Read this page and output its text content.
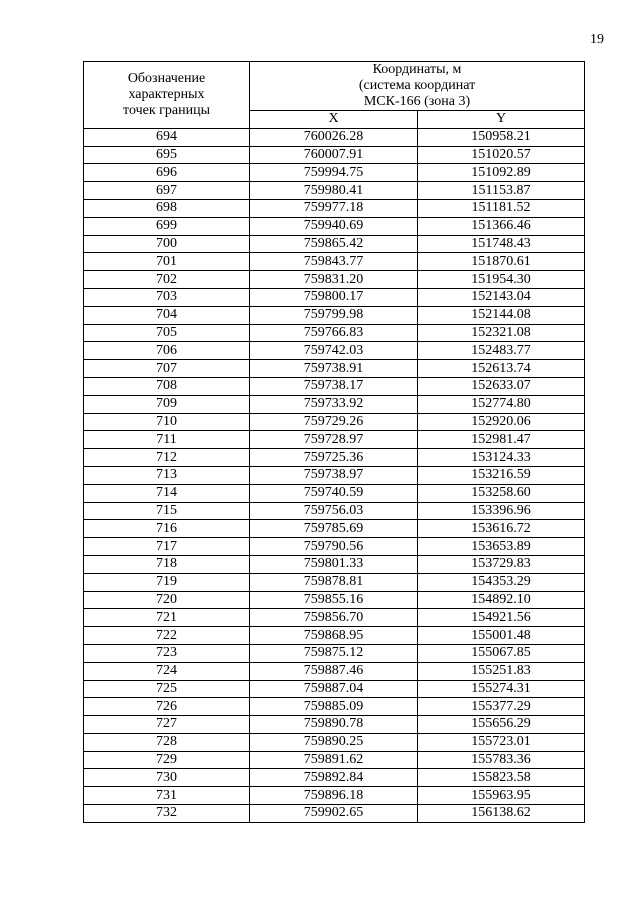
19
Обозначение
характерных
точек границы	Координаты, м
(система координат
МСК-166 (зона 3)	
	X	Y
694	760026.28	150958.21
695	760007.91	151020.57
696	759994.75	151092.89
697	759980.41	151153.87
698	759977.18	151181.52
699	759940.69	151366.46
700	759865.42	151748.43
701	759843.77	151870.61
702	759831.20	151954.30
703	759800.17	152143.04
704	759799.98	152144.08
705	759766.83	152321.08
706	759742.03	152483.77
707	759738.91	152613.74
708	759738.17	152633.07
709	759733.92	152774.80
710	759729.26	152920.06
711	759728.97	152981.47
712	759725.36	153124.33
713	759738.97	153216.59
714	759740.59	153258.60
715	759756.03	153396.96
716	759785.69	153616.72
717	759790.56	153653.89
718	759801.33	153729.83
719	759878.81	154353.29
720	759855.16	154892.10
721	759856.70	154921.56
722	759868.95	155001.48
723	759875.12	155067.85
724	759887.46	155251.83
725	759887.04	155274.31
726	759885.09	155377.29
727	759890.78	155656.29
728	759890.25	155723.01
729	759891.62	155783.36
730	759892.84	155823.58
731	759896.18	155963.95
732	759902.65	156138.62
